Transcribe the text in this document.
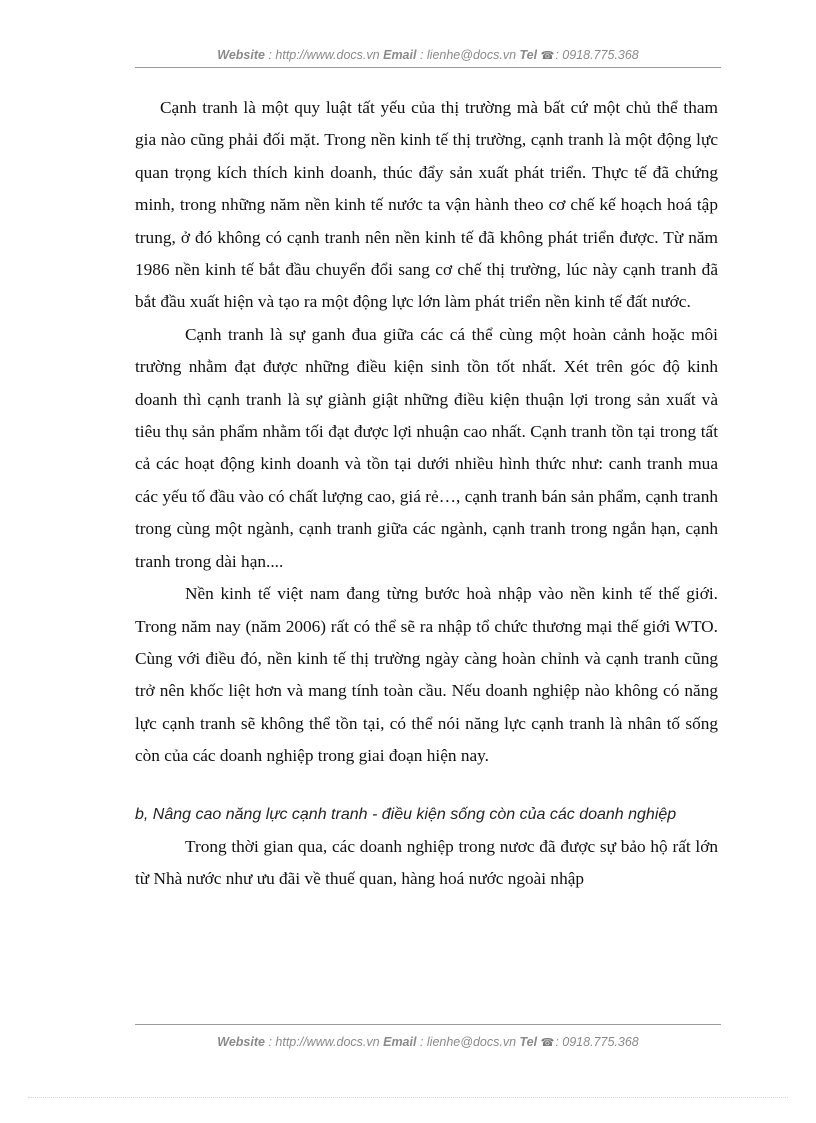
Website : http://www.docs.vn Email : lienhe@docs.vn Tel ☎: 0918.775.368

Cạnh tranh là một quy luật tất yếu của thị trường mà bất cứ một chủ thể tham gia nào cũng phải đối mặt. Trong nền kinh tế thị trường, cạnh tranh là một động lực quan trọng kích thích kinh doanh, thúc đẩy sản xuất phát triển. Thực tế đã chứng minh, trong những năm nền kinh tế nước ta vận hành theo cơ chế kế hoạch hoá tập trung, ở đó không có cạnh tranh nên nền kinh tế đã không phát triển được. Từ năm 1986 nền kinh tế bắt đầu chuyển đổi sang cơ chế thị trường, lúc này cạnh tranh đã bắt đầu xuất hiện và tạo ra một động lực lớn làm phát triển nền kinh tế đất nước.

Cạnh tranh là sự ganh đua giữa các cá thể cùng một hoàn cảnh hoặc môi trường nhằm đạt được những điều kiện sinh tồn tốt nhất. Xét trên góc độ kinh doanh thì cạnh tranh là sự giành giật những điều kiện thuận lợi trong sản xuất và tiêu thụ sản phẩm nhằm tối đạt được lợi nhuận cao nhất. Cạnh tranh tồn tại trong tất cả các hoạt động kinh doanh và tồn tại dưới nhiều hình thức như: canh tranh mua các yếu tố đầu vào có chất lượng cao, giá rẻ…, cạnh tranh bán sản phẩm, cạnh tranh trong cùng một ngành, cạnh tranh giữa các ngành, cạnh tranh trong ngắn hạn, cạnh tranh trong dài hạn....

Nền kinh tế việt nam đang từng bước hoà nhập vào nền kinh tế thế giới. Trong năm nay (năm 2006) rất có thể sẽ ra nhập tổ chức thương mại thế giới WTO. Cùng với điều đó, nền kinh tế thị trường ngày càng hoàn chỉnh và cạnh tranh cũng trở nên khốc liệt hơn và mang tính toàn cầu. Nếu doanh nghiệp nào không có năng lực cạnh tranh sẽ không thể tồn tại, có thể nói năng lực cạnh tranh là nhân tố sống còn của các doanh nghiệp trong giai đoạn hiện nay.

b, Nâng cao năng lực cạnh tranh - điều kiện sống còn của các doanh nghiệp

Trong thời gian qua, các doanh nghiệp trong nươc đã được sự bảo hộ rất lớn từ Nhà nước như ưu đãi về thuế quan, hàng hoá nước ngoài nhập

Website : http://www.docs.vn Email : lienhe@docs.vn Tel ☎: 0918.775.368
